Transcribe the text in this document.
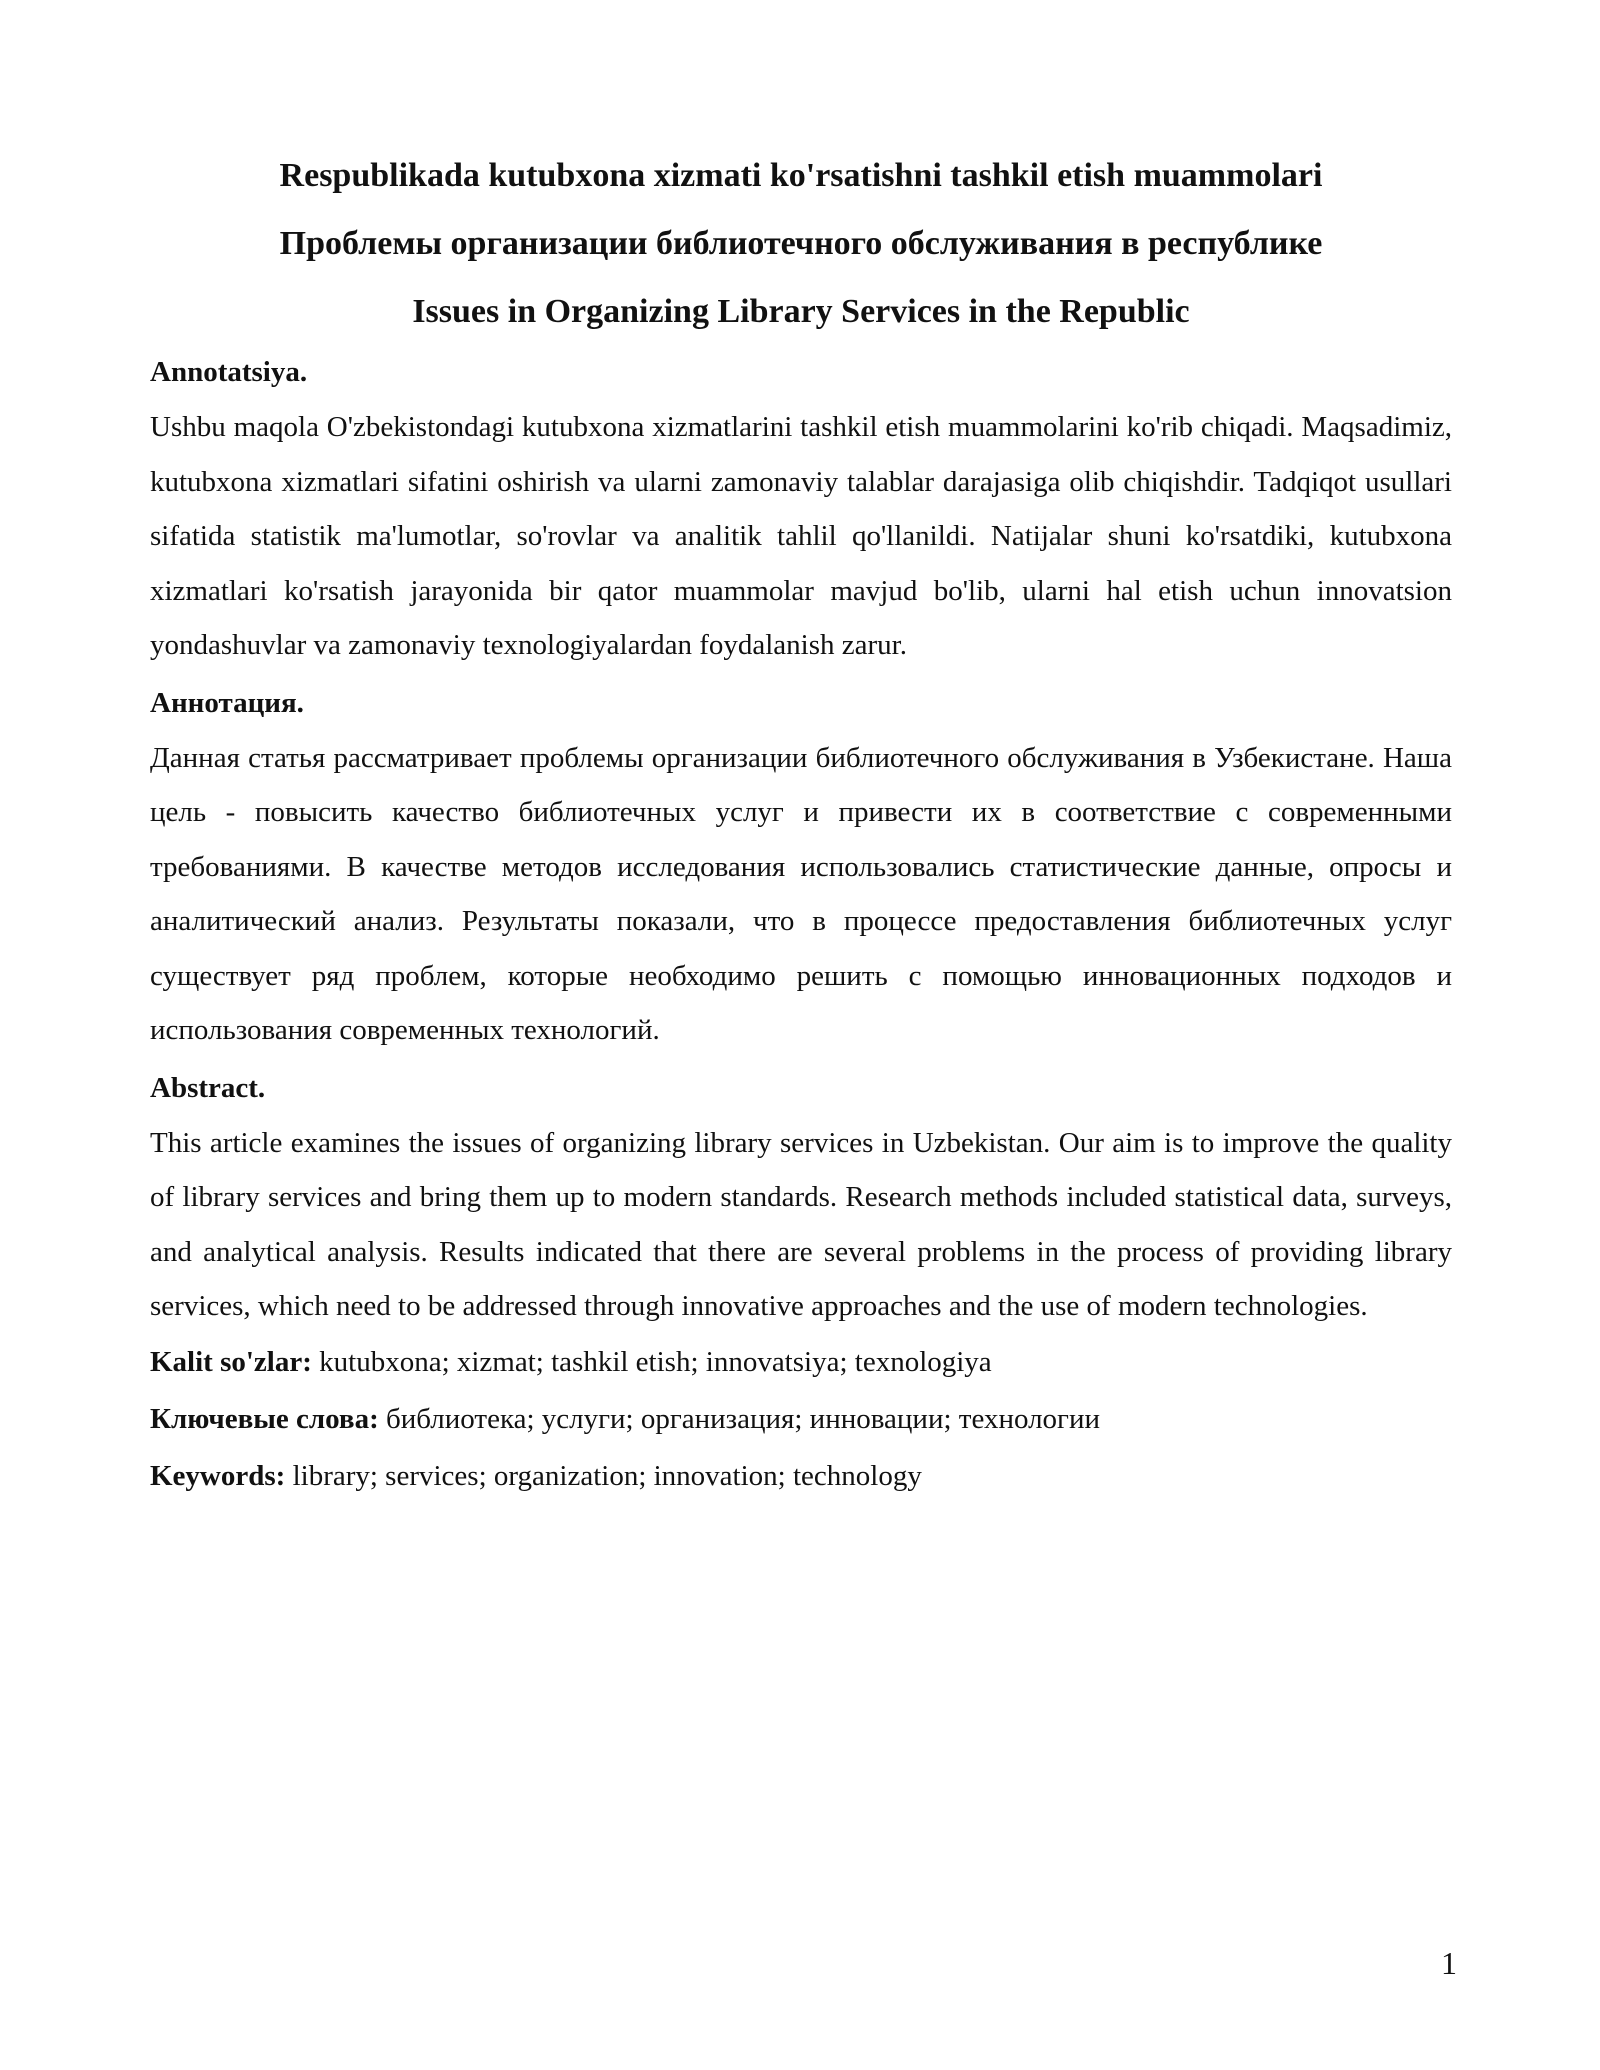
Respublikada kutubxona xizmati ko'rsatishni tashkil etish muammolari
Проблемы организации библиотечного обслуживания в республике
Issues in Organizing Library Services in the Republic

Annotatsiya.

Ushbu maqola O'zbekistondagi kutubxona xizmatlarini tashkil etish muammolarini ko'rib chiqadi. Maqsadimiz, kutubxona xizmatlari sifatini oshirish va ularni zamonaviy talablar darajasiga olib chiqishdir. Tadqiqot usullari sifatida statistik ma'lumotlar, so'rovlar va analitik tahlil qo'llanildi. Natijalar shuni ko'rsatdiki, kutubxona xizmatlari ko'rsatish jarayonida bir qator muammolar mavjud bo'lib, ularni hal etish uchun innovatsion yondashuvlar va zamonaviy texnologiyalardan foydalanish zarur.

Аннотация.

Данная статья рассматривает проблемы организации библиотечного обслуживания в Узбекистане. Наша цель - повысить качество библиотечных услуг и привести их в соответствие с современными требованиями. В качестве методов исследования использовались статистические данные, опросы и аналитический анализ. Результаты показали, что в процессе предоставления библиотечных услуг существует ряд проблем, которые необходимо решить с помощью инновационных подходов и использования современных технологий.

Abstract.

This article examines the issues of organizing library services in Uzbekistan. Our aim is to improve the quality of library services and bring them up to modern standards. Research methods included statistical data, surveys, and analytical analysis. Results indicated that there are several problems in the process of providing library services, which need to be addressed through innovative approaches and the use of modern technologies.

Kalit so'zlar: kutubxona; xizmat; tashkil etish; innovatsiya; texnologiya

Ключевые слова: библиотека; услуги; организация; инновации; технологии

Keywords: library; services; organization; innovation; technology

1
